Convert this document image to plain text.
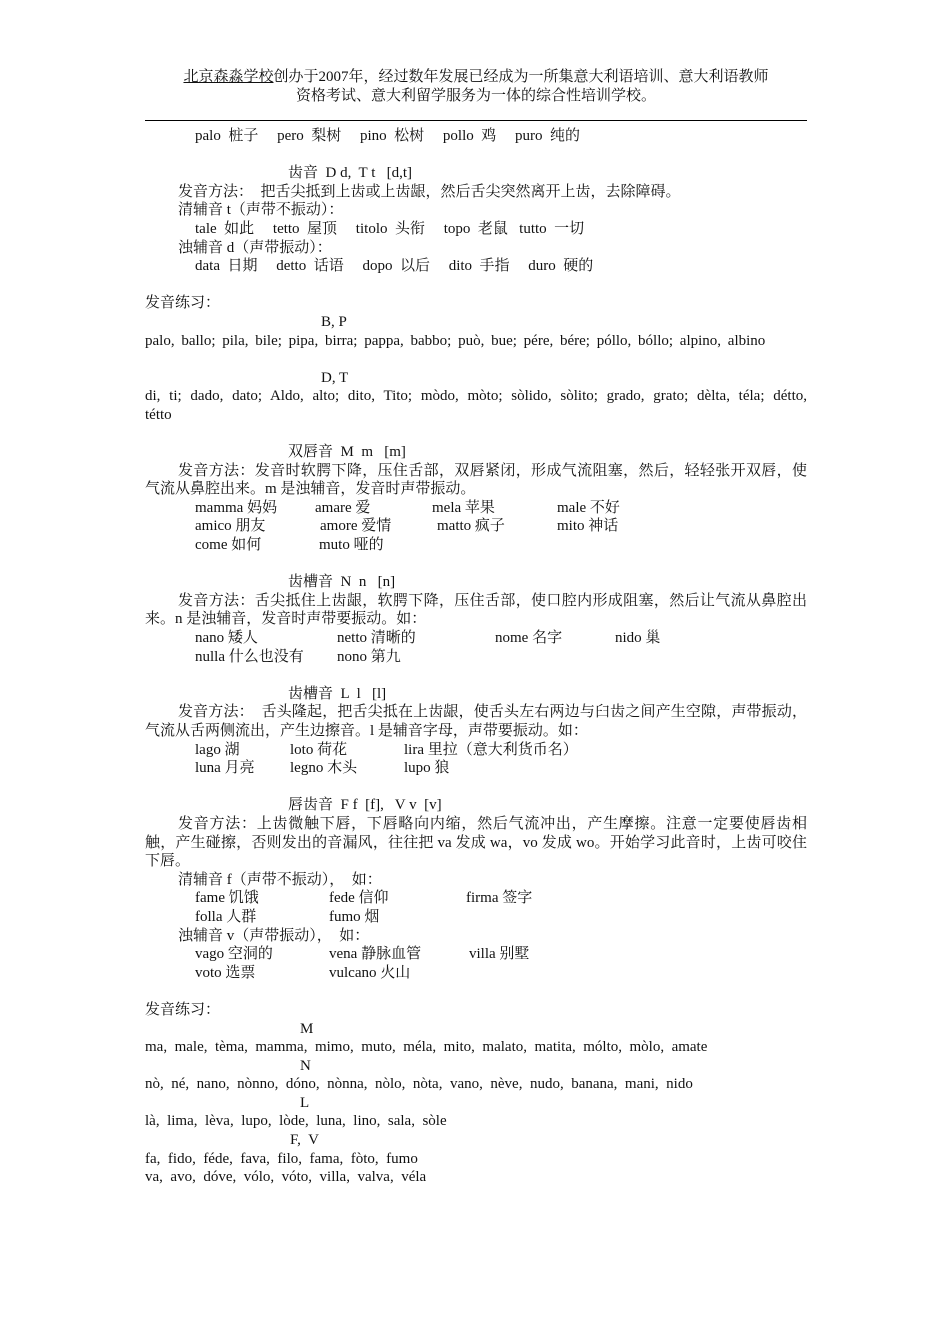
北京森淼学校创办于2007年，经过数年发展已经成为一所集意大利语培训、意大利语教师
资格考试、意大利留学服务为一体的综合性培训学校。
palo  桩子     pero  梨树     pino  松树     pollo  鸡     puro  纯的
齿音  D d,  T t   [d,t]
发音方法：  把舌尖抵到上齿或上齿龈，然后舌尖突然离开上齿，去除障碍。
清辅音 t（声带不振动）：
tale  如此     tetto  屋顶     titolo  头衔     topo  老鼠   tutto  一切
浊辅音 d（声带振动）：
data  日期     detto  话语     dopo  以后     dito  手指     duro  硬的
发音练习：
B, P
palo, ballo; pila, bile; pipa, birra; pappa, babbo; può, bue; pére, bére; póllo, bóllo; alpino, albino
D, T
di, ti; dado, dato; Aldo, alto; dito, Tito; mòdo, mòto; sòlido, sòlito; grado, grato; dèlta, téla; détto, tétto
双唇音  M  m   [m]
发音方法：发音时软腭下降，压住舌部，双唇紧闭，形成气流阻塞，然后，轻轻张开双唇，使气流从鼻腔出来。m 是浊辅音，发音时声带振动。
mamma 妈妈	amare 爱	mela 苹果	male 不好
amico 朋友	amore 爱情	matto 疯子	mito 神话
come 如何	muto 哑的
齿槽音  N  n   [n]
发音方法：舌尖抵住上齿龈，软腭下降，压住舌部，使口腔内形成阻塞，然后让气流从鼻腔出来。n 是浊辅音，发音时声带要振动。如：
nano 矮人	netto 清晰的	nome 名字	nido 巢
nulla 什么也没有 nono 第九
齿槽音  L  l   [l]
发音方法：  舌头隆起，把舌尖抵在上齿龈，使舌头左右两边与臼齿之间产生空隙，声带振动，  气流从舌两侧流出，产生边擦音。l 是辅音字母，声带要振动。如：
lago 湖	loto 荷花	lira 里拉（意大利货币名）
luna 月亮 legno 木头	lupo 狼
唇齿音  F f  [f],   V v  [v]
发音方法：上齿微触下唇，下唇略向内缩，然后气流冲出，产生摩擦。注意一定要使唇齿相触，产生碰擦，否则发出的音漏风，往往把 va 发成 wa，vo 发成 wo。开始学习此音时，上齿可咬住下唇。
清辅音 f（声带不振动），  如：
fame 饥饿	fede 信仰	firma 签字
folla 人群	fumo 烟
浊辅音 v（声带振动），  如：
vago 空洞的	vena 静脉血管	villa 别墅
voto 选票	vulcano 火山
发音练习：
M
ma,  male,  tèma,  mamma,  mimo,  muto,  méla,  mito,  malato,  matita,  mólto,  mòlo,  amate
N
nò,  né,  nano,  nònno,  dóno,  nònna,  nòlo,  nòta,  vano,  nève,  nudo,  banana,  mani,  nido
L
là,  lima,  lèva,  lupo,  lòde,  luna,  lino,  sala,  sòle
F,  V
fa,  fido,  féde,  fava,  filo,  fama,  fòto,  fumo
va,  avo,  dóve,  vólo,  vóto,  villa,  valva,  véla
